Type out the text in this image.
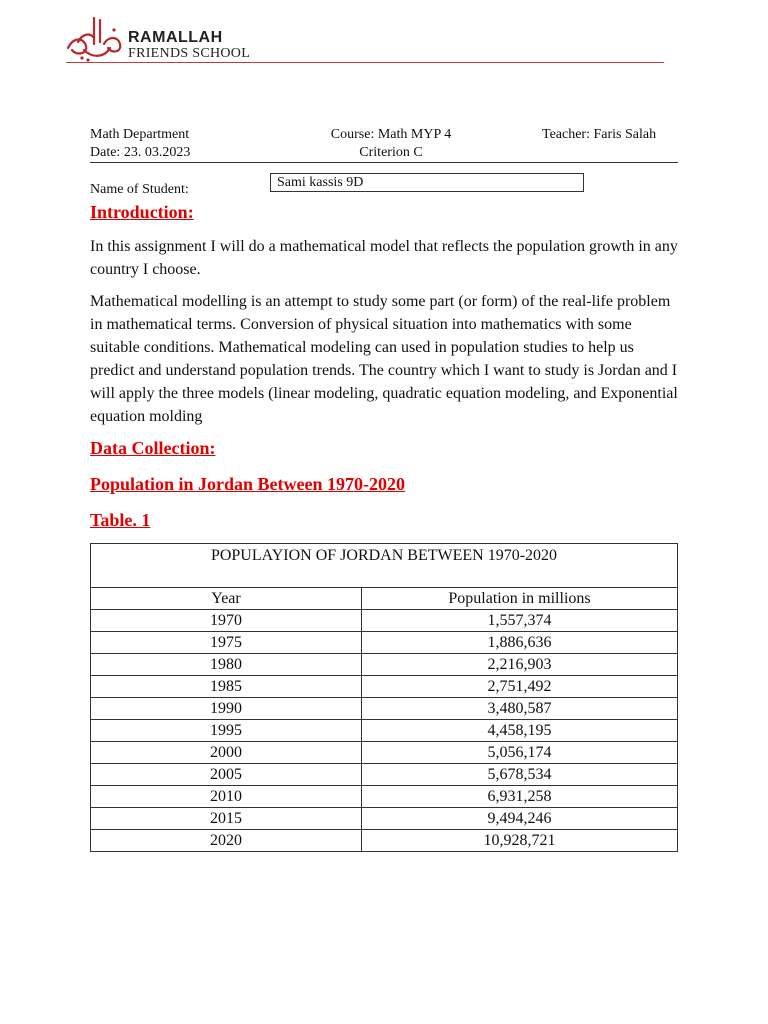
RAMALLAH
FRIENDS SCHOOL
Math Department
Date: 23. 03.2023
Course: Math MYP 4
Criterion C
Teacher: Faris Salah
Name of Student:	Sami kassis 9D
Introduction:
In this assignment I will do a mathematical model that reflects the population growth in any country I choose.
Mathematical modelling is an attempt to study some part (or form) of the real-life problem in mathematical terms. Conversion of physical situation into mathematics with some suitable conditions. Mathematical modeling can used in population studies to help us predict and understand population trends. The country which I want to study is Jordan and I will apply the three models (linear modeling, quadratic equation modeling, and Exponential equation molding
Data Collection:
Population in Jordan Between 1970-2020
Table. 1
POPULAYION OF JORDAN BETWEEN 1970-2020	
Year	Population in millions
1970	1,557,374
1975	1,886,636
1980	2,216,903
1985	2,751,492
1990	3,480,587
1995	4,458,195
2000	5,056,174
2005	5,678,534
2010	6,931,258
2015	9,494,246
2020	10,928,721
